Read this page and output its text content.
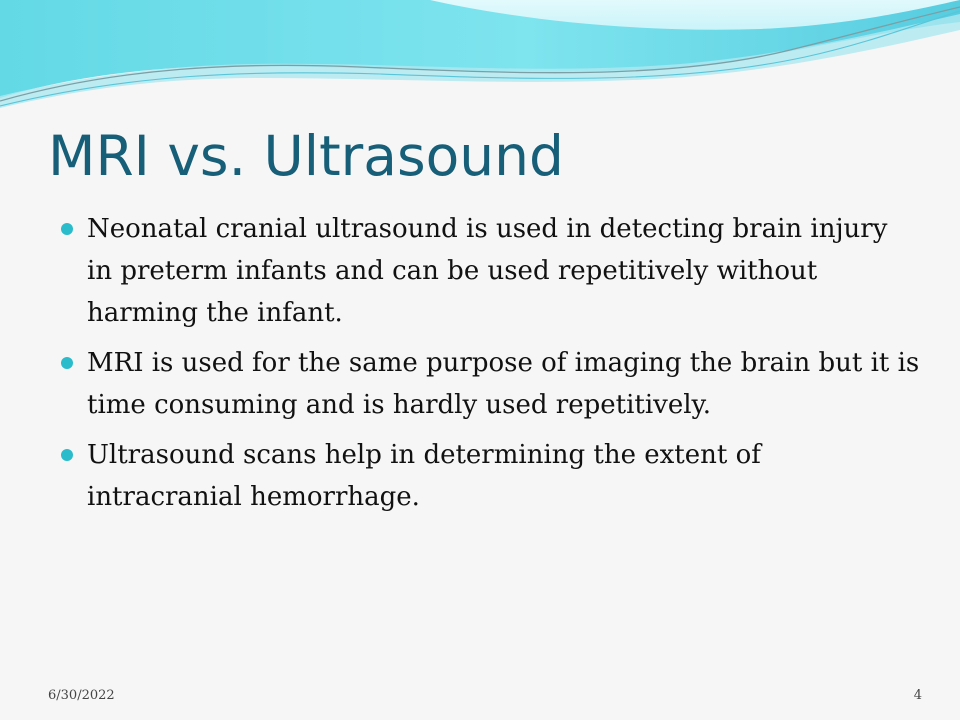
MRI vs. Ultrasound
Neonatal cranial ultrasound is used in detecting brain injury in preterm infants and can be used repetitively without harming the infant.
MRI is used for the same purpose of imaging the brain but it is time consuming and is hardly used repetitively.
Ultrasound scans help in determining the extent of intracranial hemorrhage.
6/30/2022	4
